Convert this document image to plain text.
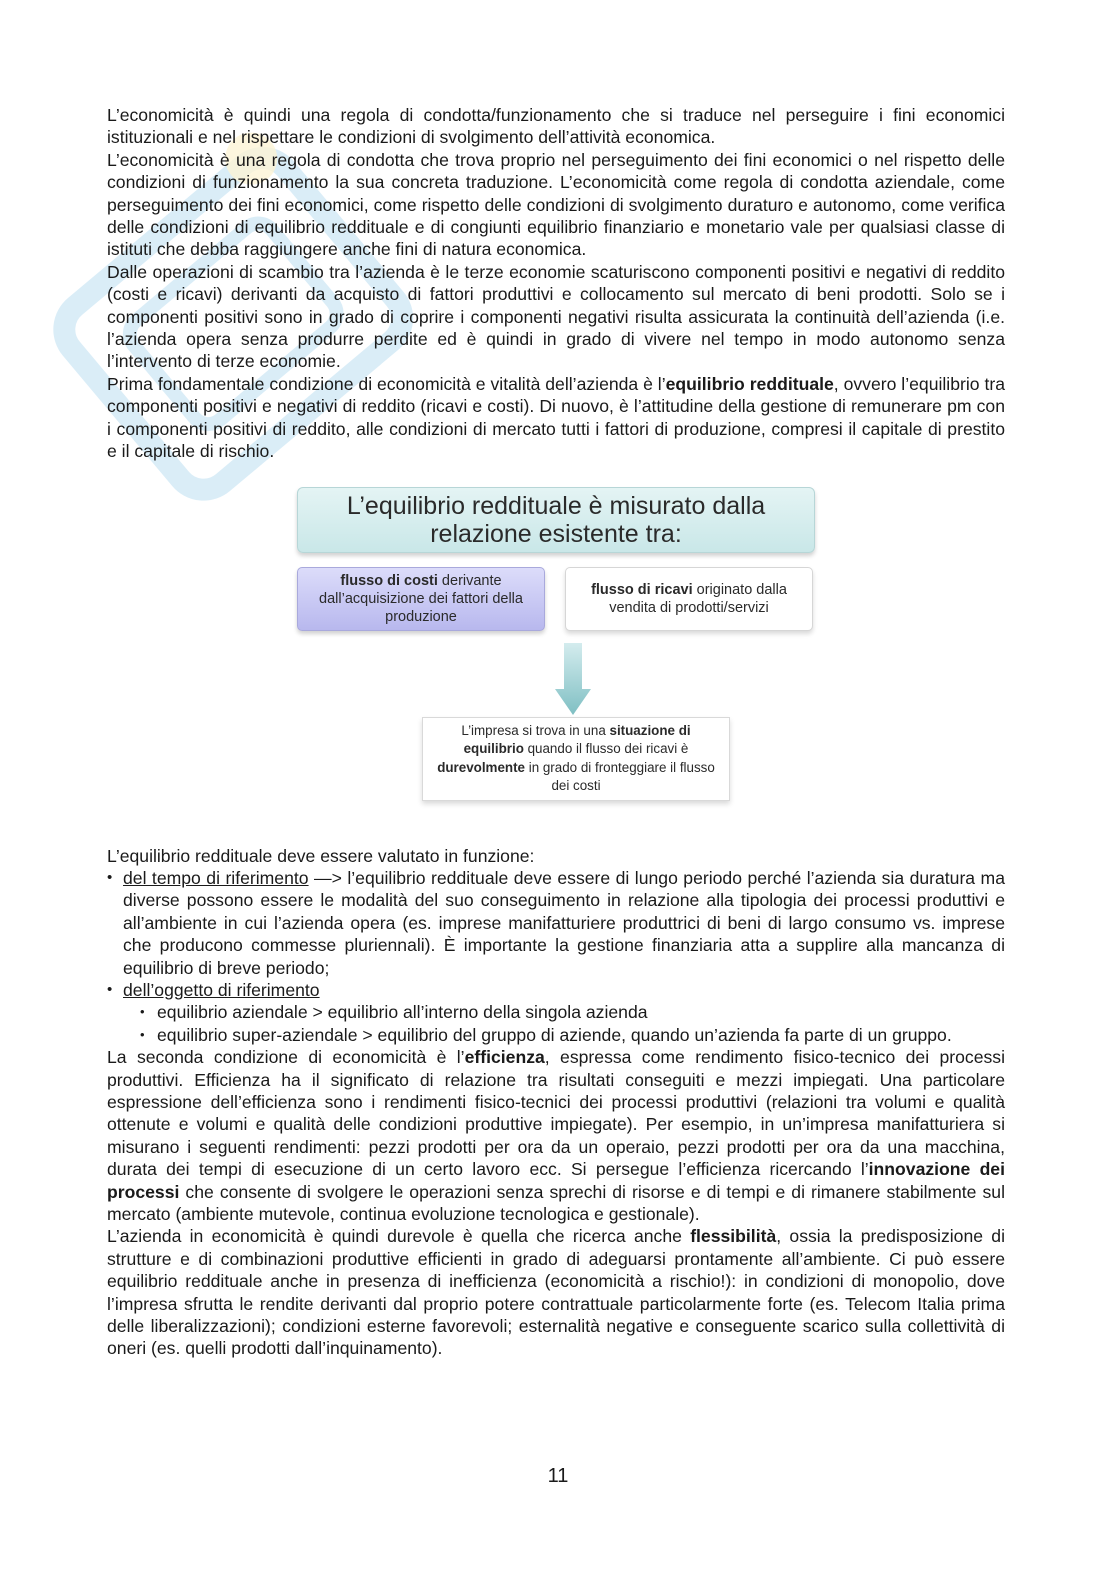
L’economicità è quindi una regola di condotta/funzionamento che si traduce nel perseguire i fini economici istituzionali e nel rispettare le condizioni di svolgimento dell’attività economica.

L’economicità è una regola di condotta che trova proprio nel perseguimento dei fini economici o nel rispetto delle condizioni di funzionamento la sua concreta traduzione. L’economicità come regola di condotta aziendale, come perseguimento dei fini economici, come rispetto delle condizioni di svolgimento duraturo e autonomo, come verifica delle condizioni di equilibrio reddituale e di congiunti equilibrio finanziario e monetario vale per qualsiasi classe di istituti che debba raggiungere anche fini di natura economica.

Dalle operazioni di scambio tra l’azienda è le terze economie scaturiscono componenti positivi e negativi di reddito (costi e ricavi) derivanti da acquisto di fattori produttivi e collocamento sul mercato di beni prodotti. Solo se i componenti positivi sono in grado di coprire i componenti negativi risulta assicurata la continuità dell’azienda (i.e. l’azienda opera senza produrre perdite ed è quindi in grado di vivere nel tempo in modo autonomo senza l’intervento di terze economie.

Prima fondamentale condizione di economicità e vitalità dell’azienda è l’equilibrio reddituale, ovvero l’equilibrio tra componenti positivi e negativi di reddito (ricavi e costi). Di nuovo, è l’attitudine della gestione di remunerare pm con i componenti positivi di reddito, alle condizioni di mercato tutti i fattori di produzione, compresi il capitale di prestito e il capitale di rischio.

L’equilibrio reddituale è misurato dalla
relazione esistente tra:
flusso di costi derivante dall’acquisizione dei fattori della produzione
flusso di ricavi originato dalla vendita di prodotti/servizi
L’impresa si trova in una situazione di equilibrio quando il flusso dei ricavi è durevolmente in grado di fronteggiare il flusso dei costi

L’equilibrio reddituale deve essere valutato in funzione:

• del tempo di riferimento —> l’equilibrio reddituale deve essere di lungo periodo perché l’azienda sia duratura ma diverse possono essere le modalità del suo conseguimento in relazione alla tipologia dei processi produttivi e all’ambiente in cui l’azienda opera (es. imprese manifatturiere produttrici di beni di largo consumo vs. imprese che producono commesse pluriennali). È importante la gestione finanziaria atta a supplire alla mancanza di equilibrio di breve periodo;
• dell’oggetto di riferimento
• equilibrio aziendale > equilibrio all’interno della singola azienda
• equilibrio super-aziendale > equilibrio del gruppo di aziende, quando un’azienda fa parte di un gruppo.

La seconda condizione di economicità è l’efficienza, espressa come rendimento fisico-tecnico dei processi produttivi. Efficienza ha il significato di relazione tra risultati conseguiti e mezzi impiegati. Una particolare espressione dell’efficienza sono i rendimenti fisico-tecnici dei processi produttivi (relazioni tra volumi e qualità ottenute e volumi e qualità delle condizioni produttive impiegate). Per esempio, in un’impresa manifatturiera si misurano i seguenti rendimenti: pezzi prodotti per ora da un operaio, pezzi prodotti per ora da una macchina, durata dei tempi di esecuzione di un certo lavoro ecc. Si persegue l’efficienza ricercando l’innovazione dei processi che consente di svolgere le operazioni senza sprechi di risorse e di tempi e di rimanere stabilmente sul mercato (ambiente mutevole, continua evoluzione tecnologica e gestionale).

L’azienda in economicità è quindi durevole è quella che ricerca anche flessibilità, ossia la predisposizione di strutture e di combinazioni produttive efficienti in grado di adeguarsi prontamente all’ambiente. Ci può essere equilibrio reddituale anche in presenza di inefficienza (economicità a rischio!): in condizioni di monopolio, dove l’impresa sfrutta le rendite derivanti dal proprio potere contrattuale particolarmente forte (es. Telecom Italia prima delle liberalizzazioni); condizioni esterne favorevoli; esternalità negative e conseguente scarico sulla collettività di oneri (es. quelli prodotti dall’inquinamento).

11
